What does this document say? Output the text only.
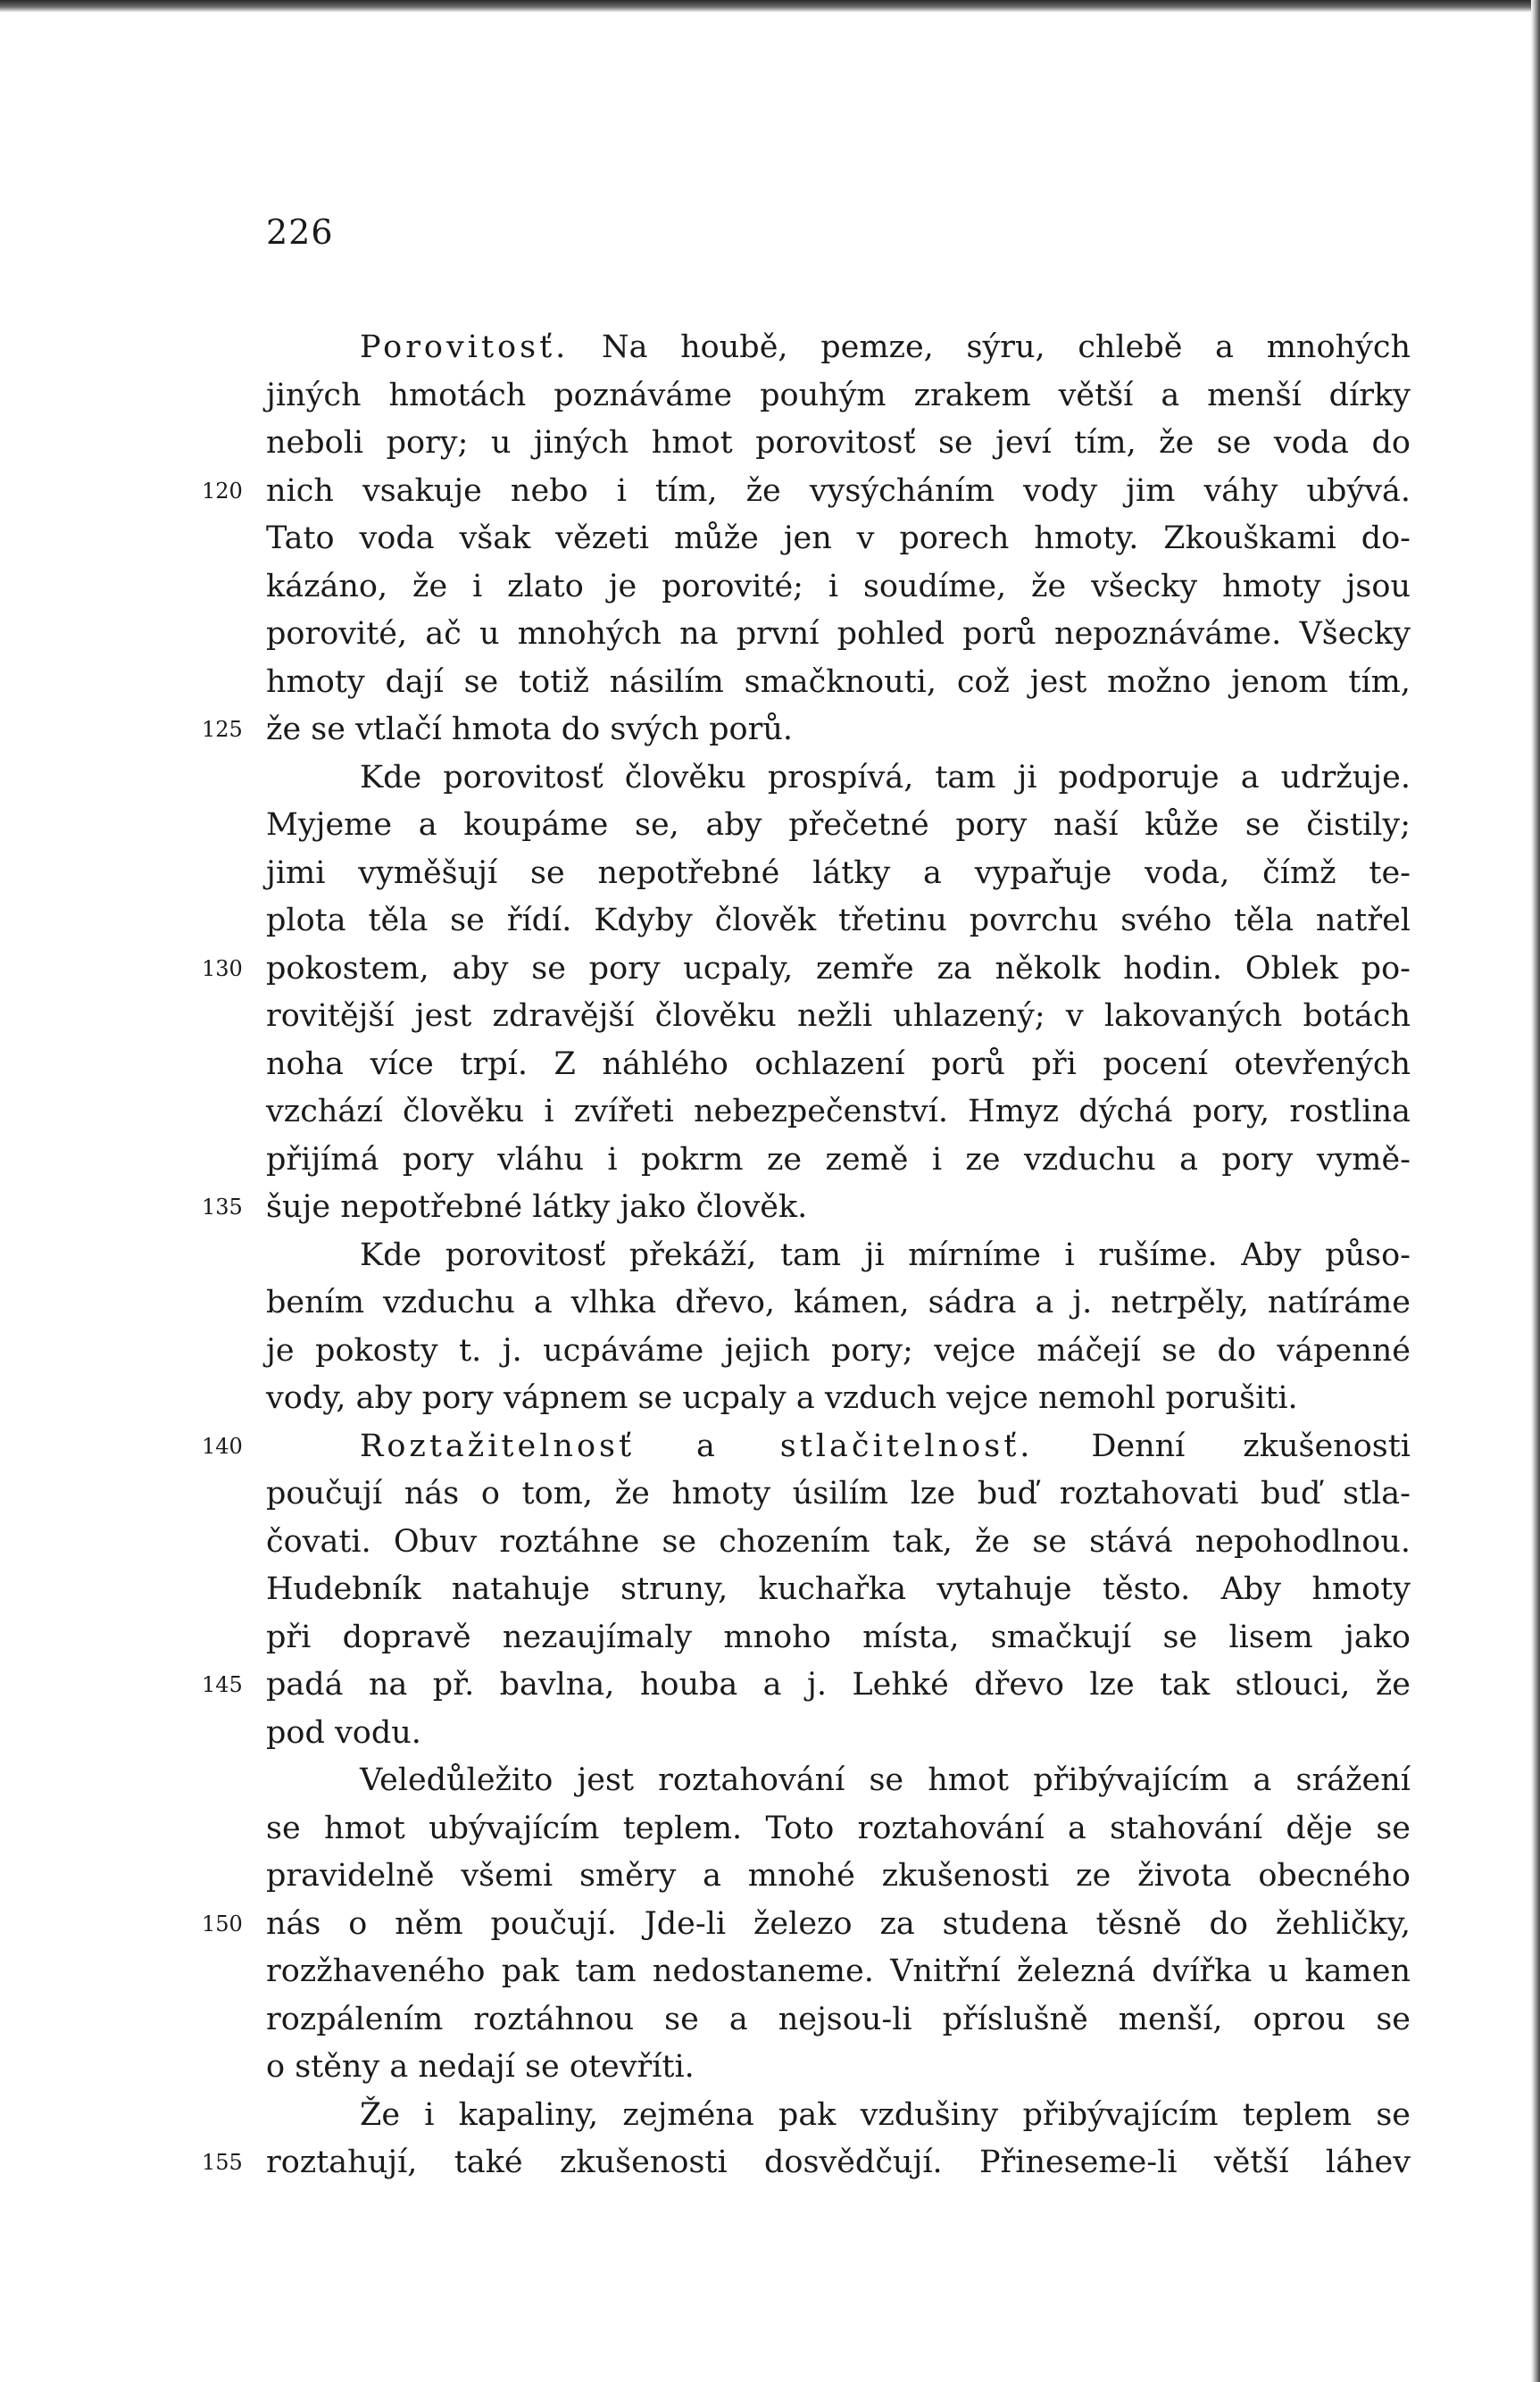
226
Porovitosť. Na houbě, pemze, sýru, chlebě a mnohých
jiných hmotách poznáváme pouhým zrakem větší a menší dírky
neboli pory; u jiných hmot porovitosť se jeví tím, že se voda do
120 nich vsakuje nebo i tím, že vysýcháním vody jim váhy ubývá.
Tato voda však vězeti může jen v porech hmoty. Zkouškami do-
kázáno, že i zlato je porovité; i soudíme, že všecky hmoty jsou
porovité, ač u mnohých na první pohled porů nepoznáváme. Všecky
hmoty dají se totiž násilím smačknouti, což jest možno jenom tím,
125 že se vtlačí hmota do svých porů.
Kde porovitosť člověku prospívá, tam ji podporuje a udržuje.
Myjeme a koupáme se, aby přečetné pory naší kůže se čistily;
jimi vyměšují se nepotřebné látky a vypařuje voda, čímž te-
plota těla se řídí. Kdyby člověk třetinu povrchu svého těla natřel
130 pokostem, aby se pory ucpaly, zemře za několk hodin. Oblek po-
rovitější jest zdravější člověku nežli uhlazený; v lakovaných botách
noha více trpí. Z náhlého ochlazení porů při pocení otevřených
vzchází člověku i zvířeti nebezpečenství. Hmyz dýchá pory, rostlina
přijímá pory vláhu i pokrm ze země i ze vzduchu a pory vymě-
135 šuje nepotřebné látky jako člověk.
Kde porovitosť překáží, tam ji mírníme i rušíme. Aby půso-
bením vzduchu a vlhka dřevo, kámen, sádra a j. netrpěly, natíráme
je pokosty t. j. ucpáváme jejich pory; vejce máčejí se do vápenné
vody, aby pory vápnem se ucpaly a vzduch vejce nemohl porušiti.
140	Roztažitelnosť a stlačitelnosť. Denní zkušenosti
poučují nás o tom, že hmoty úsilím lze buď roztahovati buď stla-
čovati. Obuv roztáhne se chozením tak, že se stává nepohodlnou.
Hudebník natahuje struny, kuchařka vytahuje těsto. Aby hmoty
při dopravě nezaujímaly mnoho místa, smačkují se lisem jako
145 padá na př. bavlna, houba a j. Lehké dřevo lze tak stlouci, že
pod vodu.
Veledůležito jest roztahování se hmot přibývajícím a srážení
se hmot ubývajícím teplem. Toto roztahování a stahování děje se
pravidelně všemi směry a mnohé zkušenosti ze života obecného
150 nás o něm poučují. Jde-li železo za studena těsně do žehličky,
rozžhaveného pak tam nedostaneme. Vnitřní železná dvířka u kamen
rozpálením roztáhnou se a nejsou-li příslušně menší, oprou se
o stěny a nedají se otevříti.
Že i kapaliny, zejména pak vzdušiny přibývajícím teplem se
155 roztahují, také zkušenosti dosvědčují. Přineseme-li větší láhev
